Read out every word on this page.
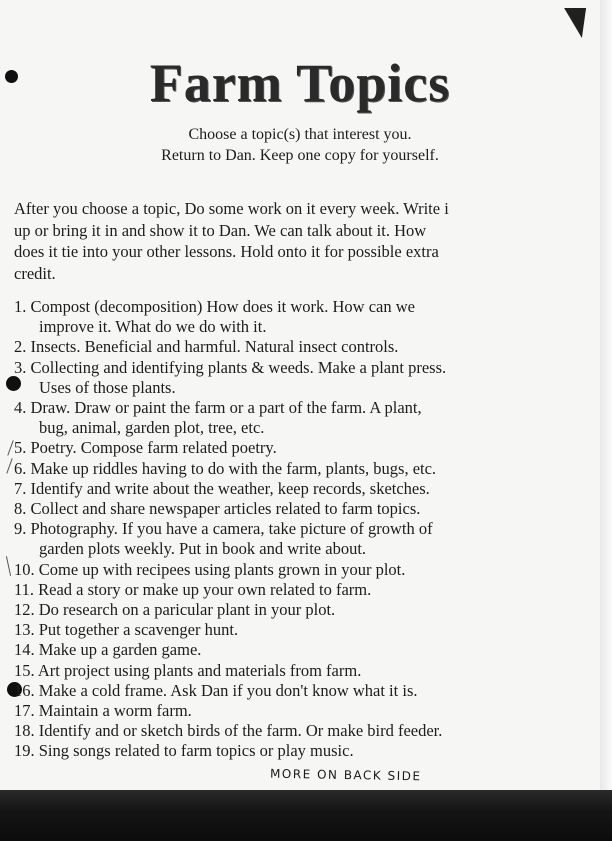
Farm Topics
Choose a topic(s) that interest you.
Return to Dan. Keep one copy for yourself.
After you choose a topic, Do some work on it every week. Write i
up or bring it in and show it to Dan. We can talk about it. How
does it tie into your other lessons. Hold onto it for possible extra
credit.
1. Compost (decomposition) How does it work. How can we
improve it. What do we do with it.
2. Insects. Beneficial and harmful. Natural insect controls.
3. Collecting and identifying plants & weeds. Make a plant press.
Uses of those plants.
4. Draw. Draw or paint the farm or a part of the farm. A plant,
bug, animal, garden plot, tree, etc.
5. Poetry. Compose farm related poetry.
6. Make up riddles having to do with the farm, plants, bugs, etc.
7. Identify and write about the weather, keep records, sketches.
8. Collect and share newspaper articles related to farm topics.
9. Photography. If you have a camera, take picture of growth of
garden plots weekly. Put in book and write about.
10. Come up with recipees using plants grown in your plot.
11. Read a story or make up your own related to farm.
12. Do research on a paricular plant in your plot.
13. Put together a scavenger hunt.
14. Make up a garden game.
15. Art project using plants and materials from farm.
16. Make a cold frame. Ask Dan if you don't know what it is.
17. Maintain a worm farm.
18. Identify and or sketch birds of the farm. Or make bird feeder.
19. Sing songs related to farm topics or play music.
MORE ON BACK SIDE
